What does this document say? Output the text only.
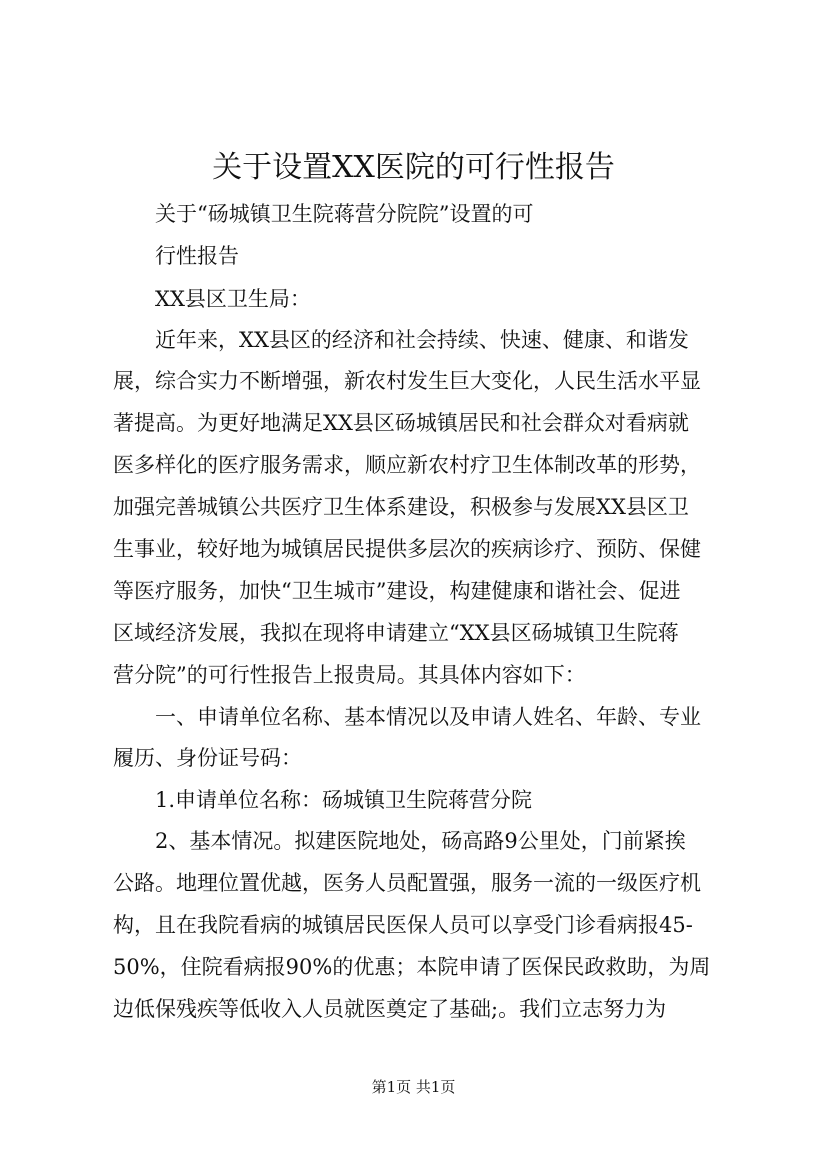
关于设置XX医院的可行性报告
关于“砀城镇卫生院蒋营分院院”设置的可
行性报告
XX县区卫生局：
近年来，XX县区的经济和社会持续、快速、健康、和谐发
展，综合实力不断增强，新农村发生巨大变化，人民生活水平显
著提高。为更好地满足XX县区砀城镇居民和社会群众对看病就
医多样化的医疗服务需求，顺应新农村疗卫生体制改革的形势，
加强完善城镇公共医疗卫生体系建设，积极参与发展XX县区卫
生事业，较好地为城镇居民提供多层次的疾病诊疗、预防、保健
等医疗服务，加快“卫生城市”建设，构建健康和谐社会、促进
区域经济发展，我拟在现将申请建立“XX县区砀城镇卫生院蒋
营分院”的可行性报告上报贵局。其具体内容如下：
一、申请单位名称、基本情况以及申请人姓名、年龄、专业
履历、身份证号码：
1.申请单位名称：砀城镇卫生院蒋营分院
2、基本情况。拟建医院地处，砀高路9公里处，门前紧挨
公路。地理位置优越，医务人员配置强，服务一流的一级医疗机
构，且在我院看病的城镇居民医保人员可以享受门诊看病报45-
50%，住院看病报90%的优惠；本院申请了医保民政救助，为周
边低保残疾等低收入人员就医奠定了基础;。我们立志努力为
第1页 共1页
